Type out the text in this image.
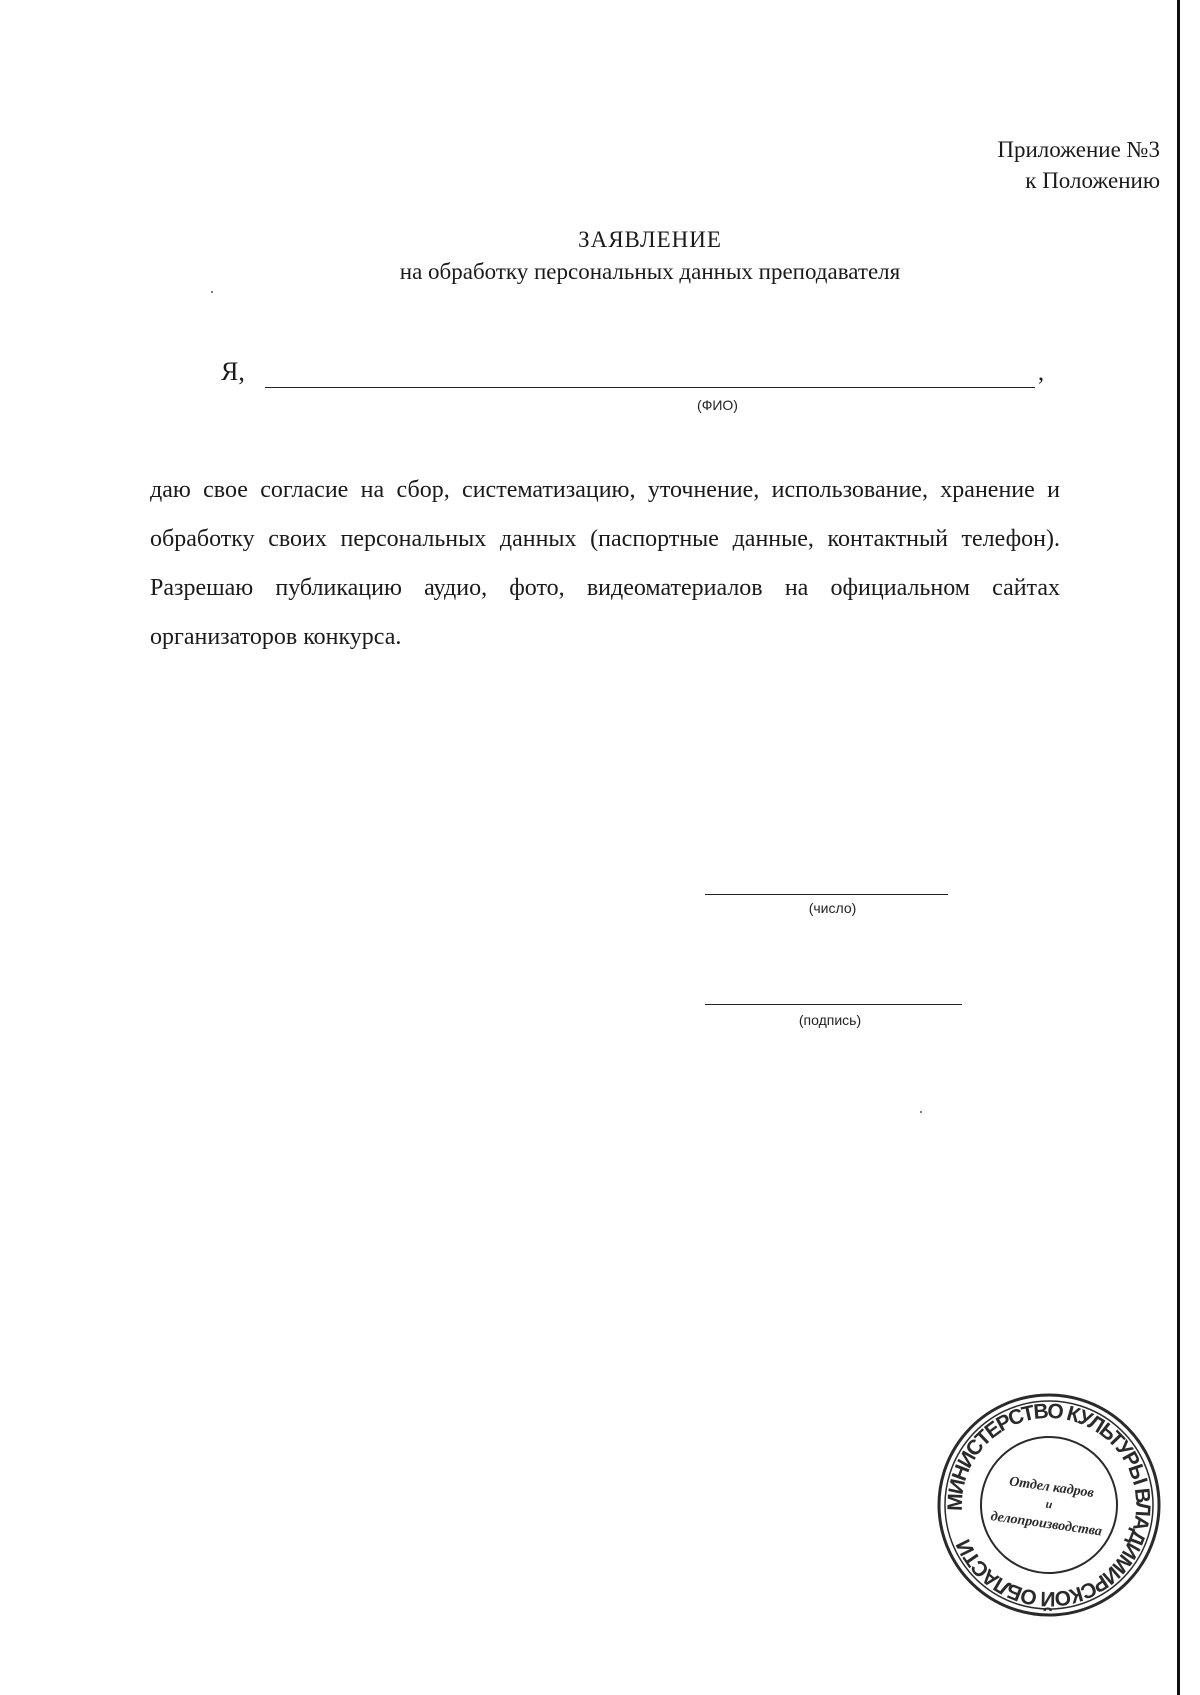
Приложение №3
к Положению
ЗАЯВЛЕНИЕ
на обработку персональных данных преподавателя
Я,	,
(ФИО)
даю свое согласие на сбор, систематизацию, уточнение, использование, хранение и обработку своих персональных данных (паспортные данные, контактный телефон). Разрешаю публикацию аудио, фото, видеоматериалов на официальном сайтах организаторов конкурса.
(число)
(подпись)
МИНИСТЕРСТВО КУЛЬТУРЫ ВЛАДИМИРСКОЙ ОБЛАСТИ
Отдел кадров
и
делопроизводства
